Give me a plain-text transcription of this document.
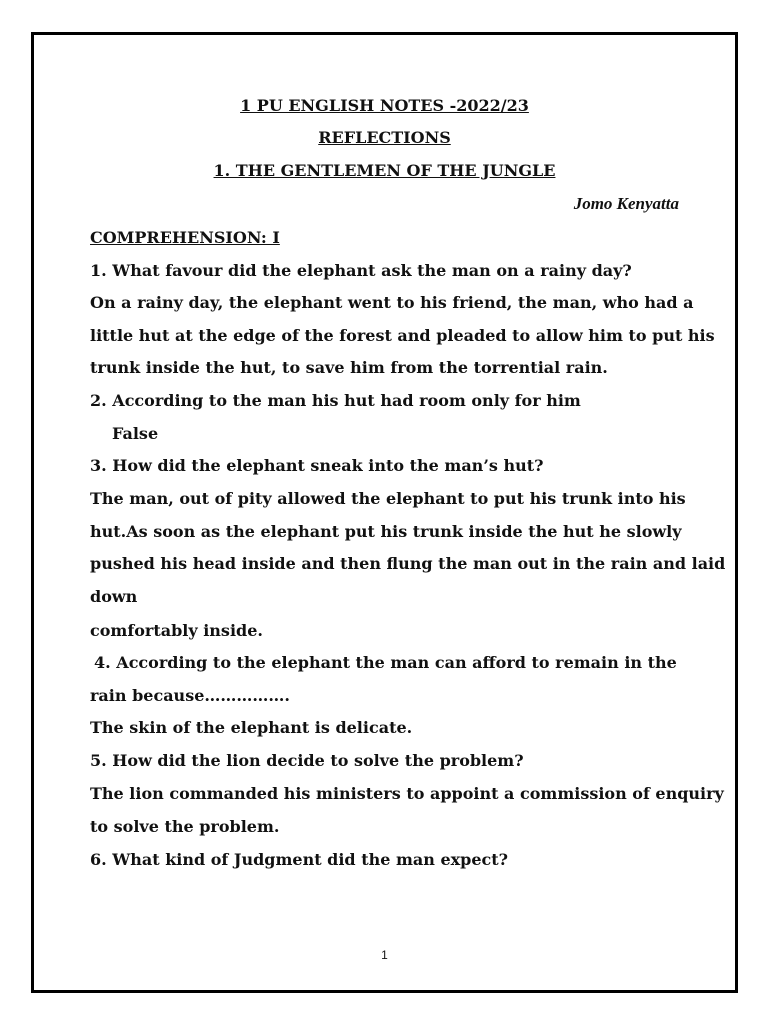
1 PU ENGLISH NOTES -2022/23
REFLECTIONS
1. THE GENTLEMEN OF THE JUNGLE
Jomo Kenyatta
COMPREHENSION: I
1. What favour did the elephant ask the man on a rainy day?
On a rainy day, the elephant went to his friend, the man, who had a
little hut at the edge of the forest and pleaded to allow him to put his
trunk inside the hut, to save him from the torrential rain.
2. According to the man his hut had room only for him
False
3. How did the elephant sneak into the man’s hut?
The man, out of pity allowed the elephant to put his trunk into his
hut.As soon as the elephant put his trunk inside the hut he slowly
pushed his head inside and then flung the man out in the rain and laid
down
comfortably inside.
4. According to the elephant the man can afford to remain in the
rain because…………….
The skin of the elephant is delicate.
5. How did the lion decide to solve the problem?
The lion commanded his ministers to appoint a commission of enquiry
to solve the problem.
6. What kind of Judgment did the man expect?
1
